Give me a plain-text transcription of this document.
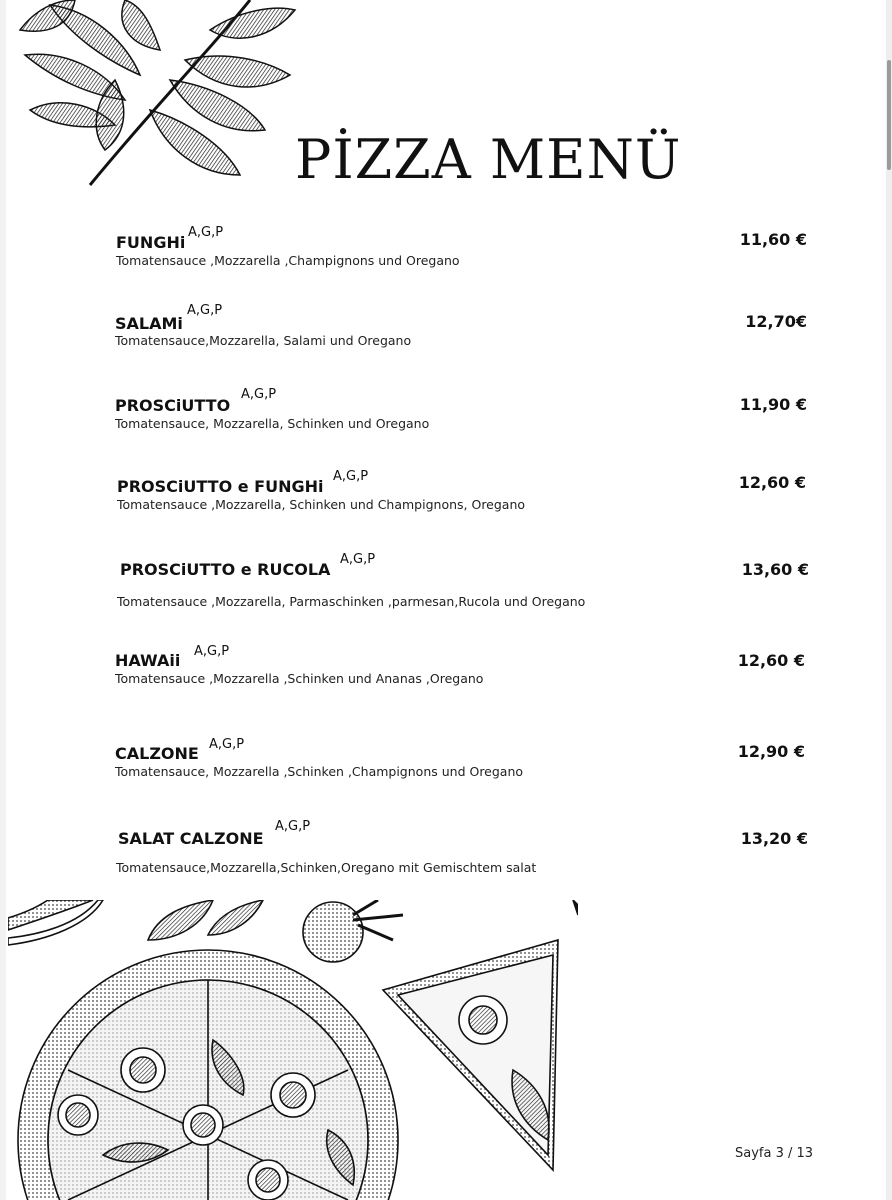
PİZZA MENÜ
FUNGHi
A,G,P
Tomatensauce ,Mozzarella ,Champignons und Oregano
11,60 €
SALAMi
A,G,P
Tomatensauce,Mozzarella, Salami und Oregano
12,70€
PROSCiUTTO
A,G,P
Tomatensauce, Mozzarella, Schinken und Oregano
11,90 €
PROSCiUTTO e FUNGHi
A,G,P
Tomatensauce ,Mozzarella, Schinken und Champignons, Oregano
12,60 €
PROSCiUTTO e RUCOLA
A,G,P
Tomatensauce ,Mozzarella, Parmaschinken ,parmesan,Rucola und Oregano
13,60 €
HAWAii A,G,P
Tomatensauce ,Mozzarella ,Schinken und Ananas ,Oregano
12,60 €
CALZONE A,G,P
Tomatensauce, Mozzarella ,Schinken ,Champignons und Oregano
12,90 €
SALAT CALZONE
A,G,P
Tomatensauce,Mozzarella,Schinken,Oregano mit Gemischtem salat
13,20 €
Sayfa 3 / 13
